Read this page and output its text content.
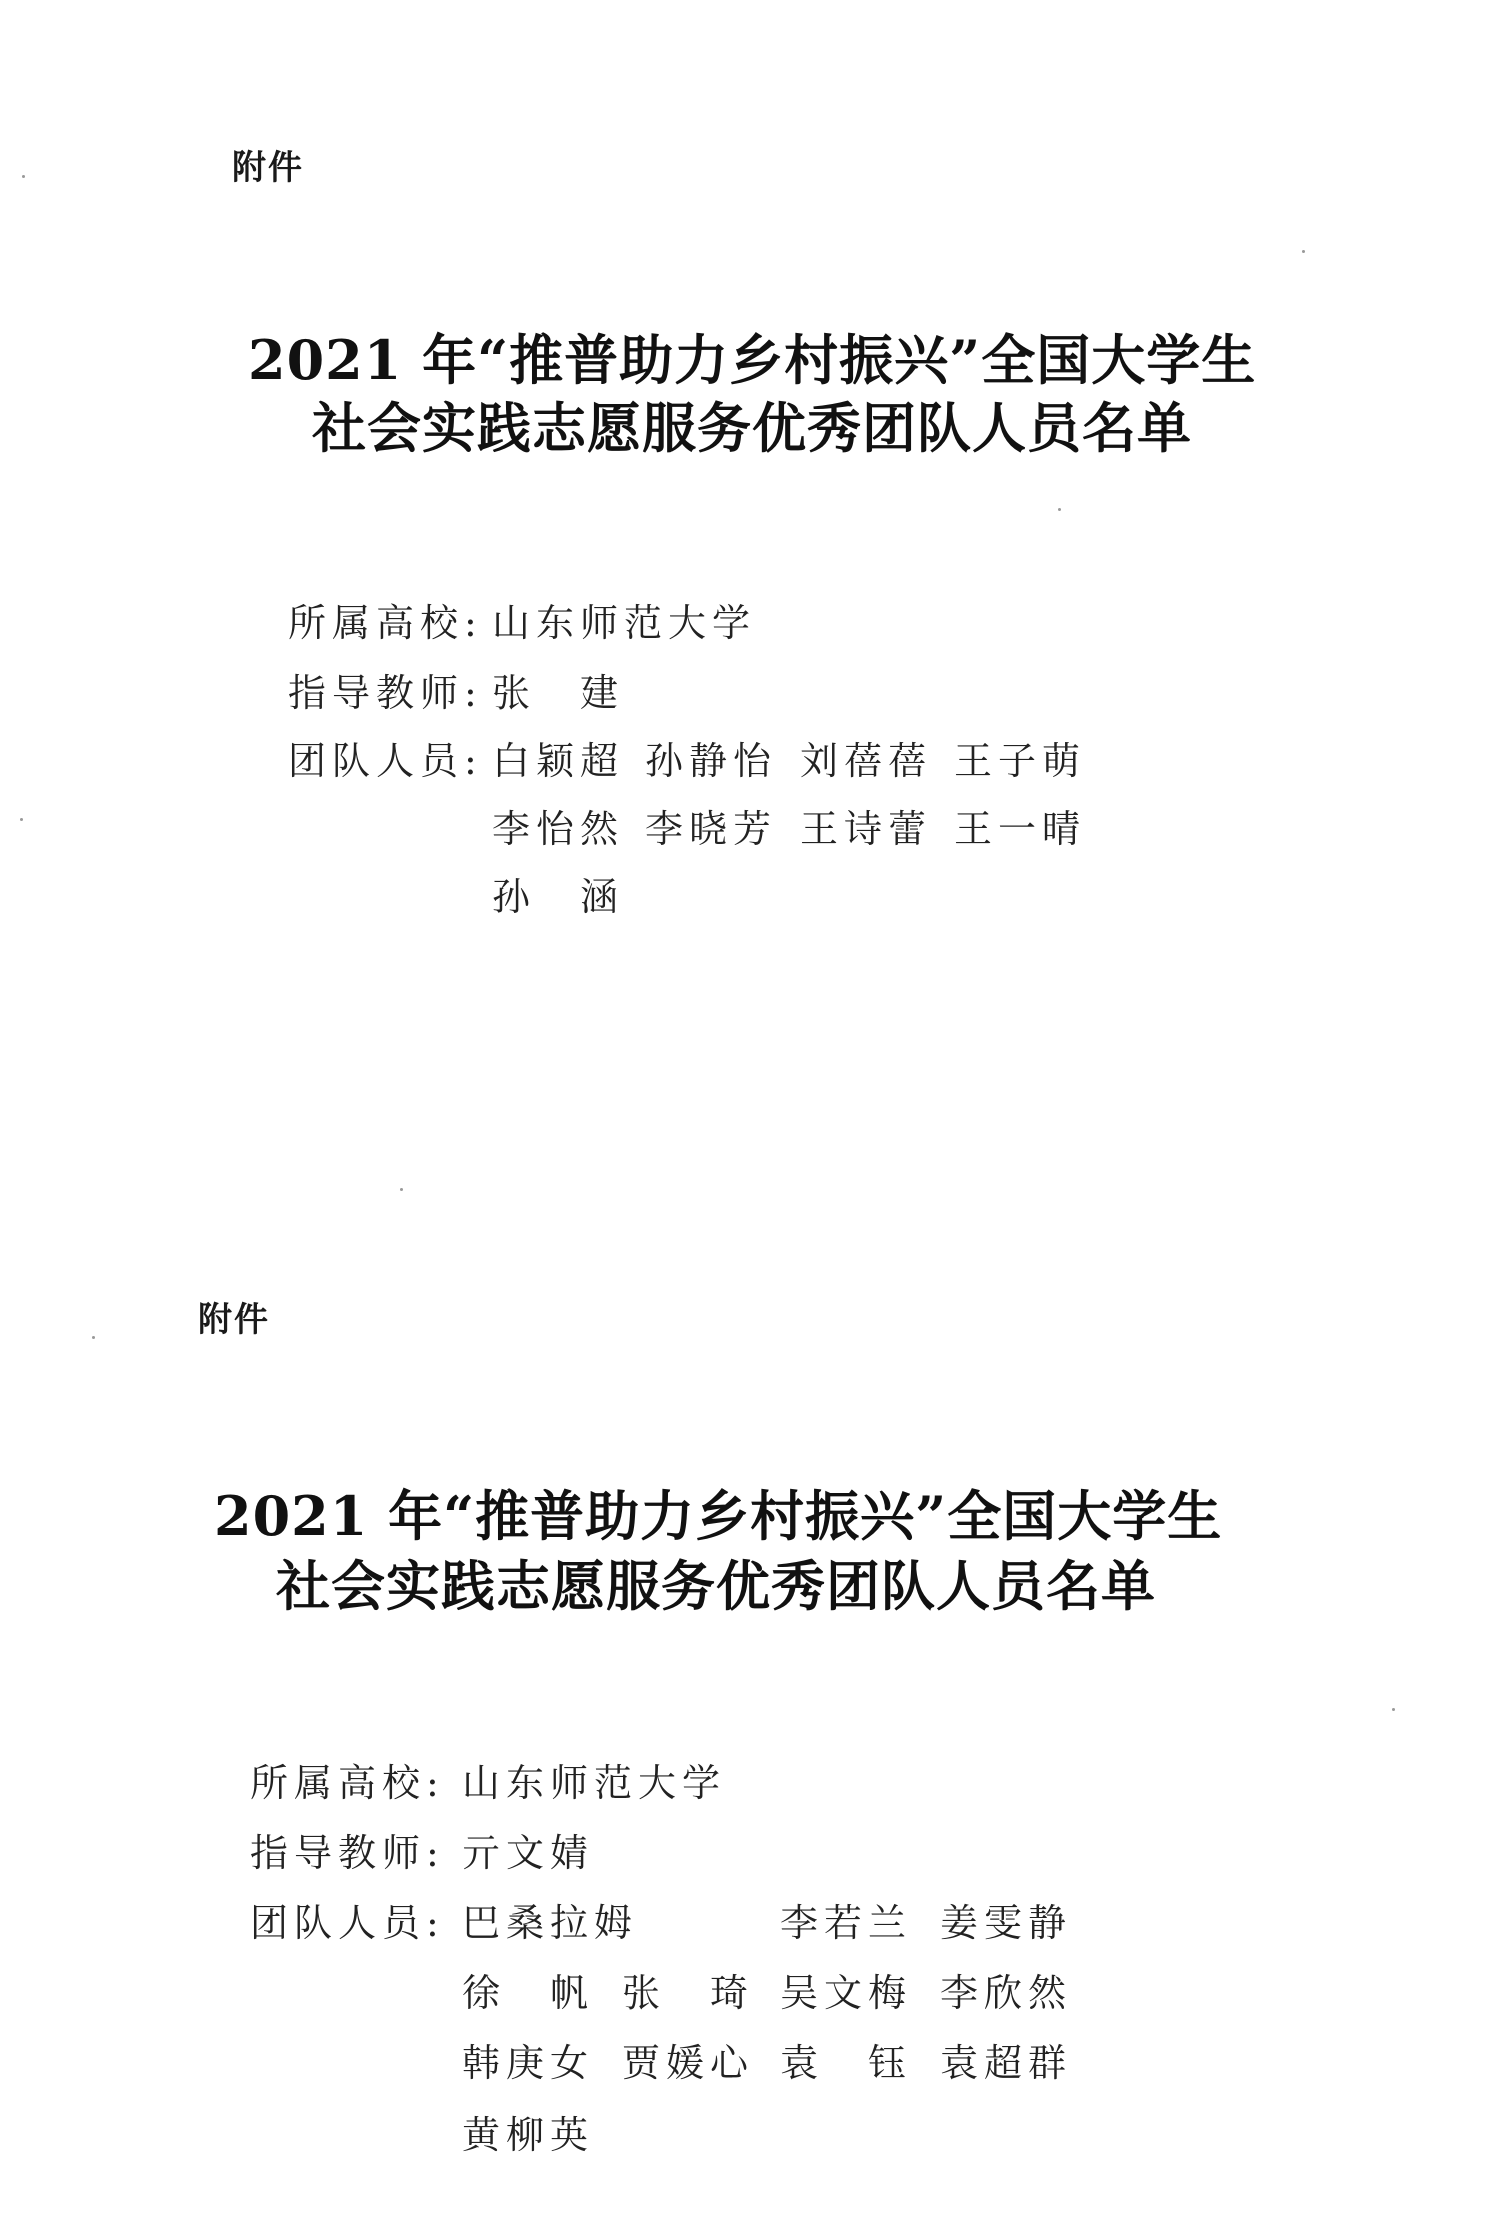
附件
2021 年“推普助力乡村振兴”全国大学生
社会实践志愿服务优秀团队人员名单
所属高校: 山东师范大学
指导教师: 张　建
团队人员: 白颖超 孙静怡 刘蓓蓓 王子萌
李怡然 李晓芳 王诗蕾 王一晴
孙　涵
附件
2021 年“推普助力乡村振兴”全国大学生
社会实践志愿服务优秀团队人员名单
所属高校: 山东师范大学
指导教师: 亓文婧
团队人员: 巴桑拉姆	李若兰 姜雯静
徐　帆 张　琦 吴文梅 李欣然
韩庚女 贾媛心 袁　钰 袁超群
黄柳英
